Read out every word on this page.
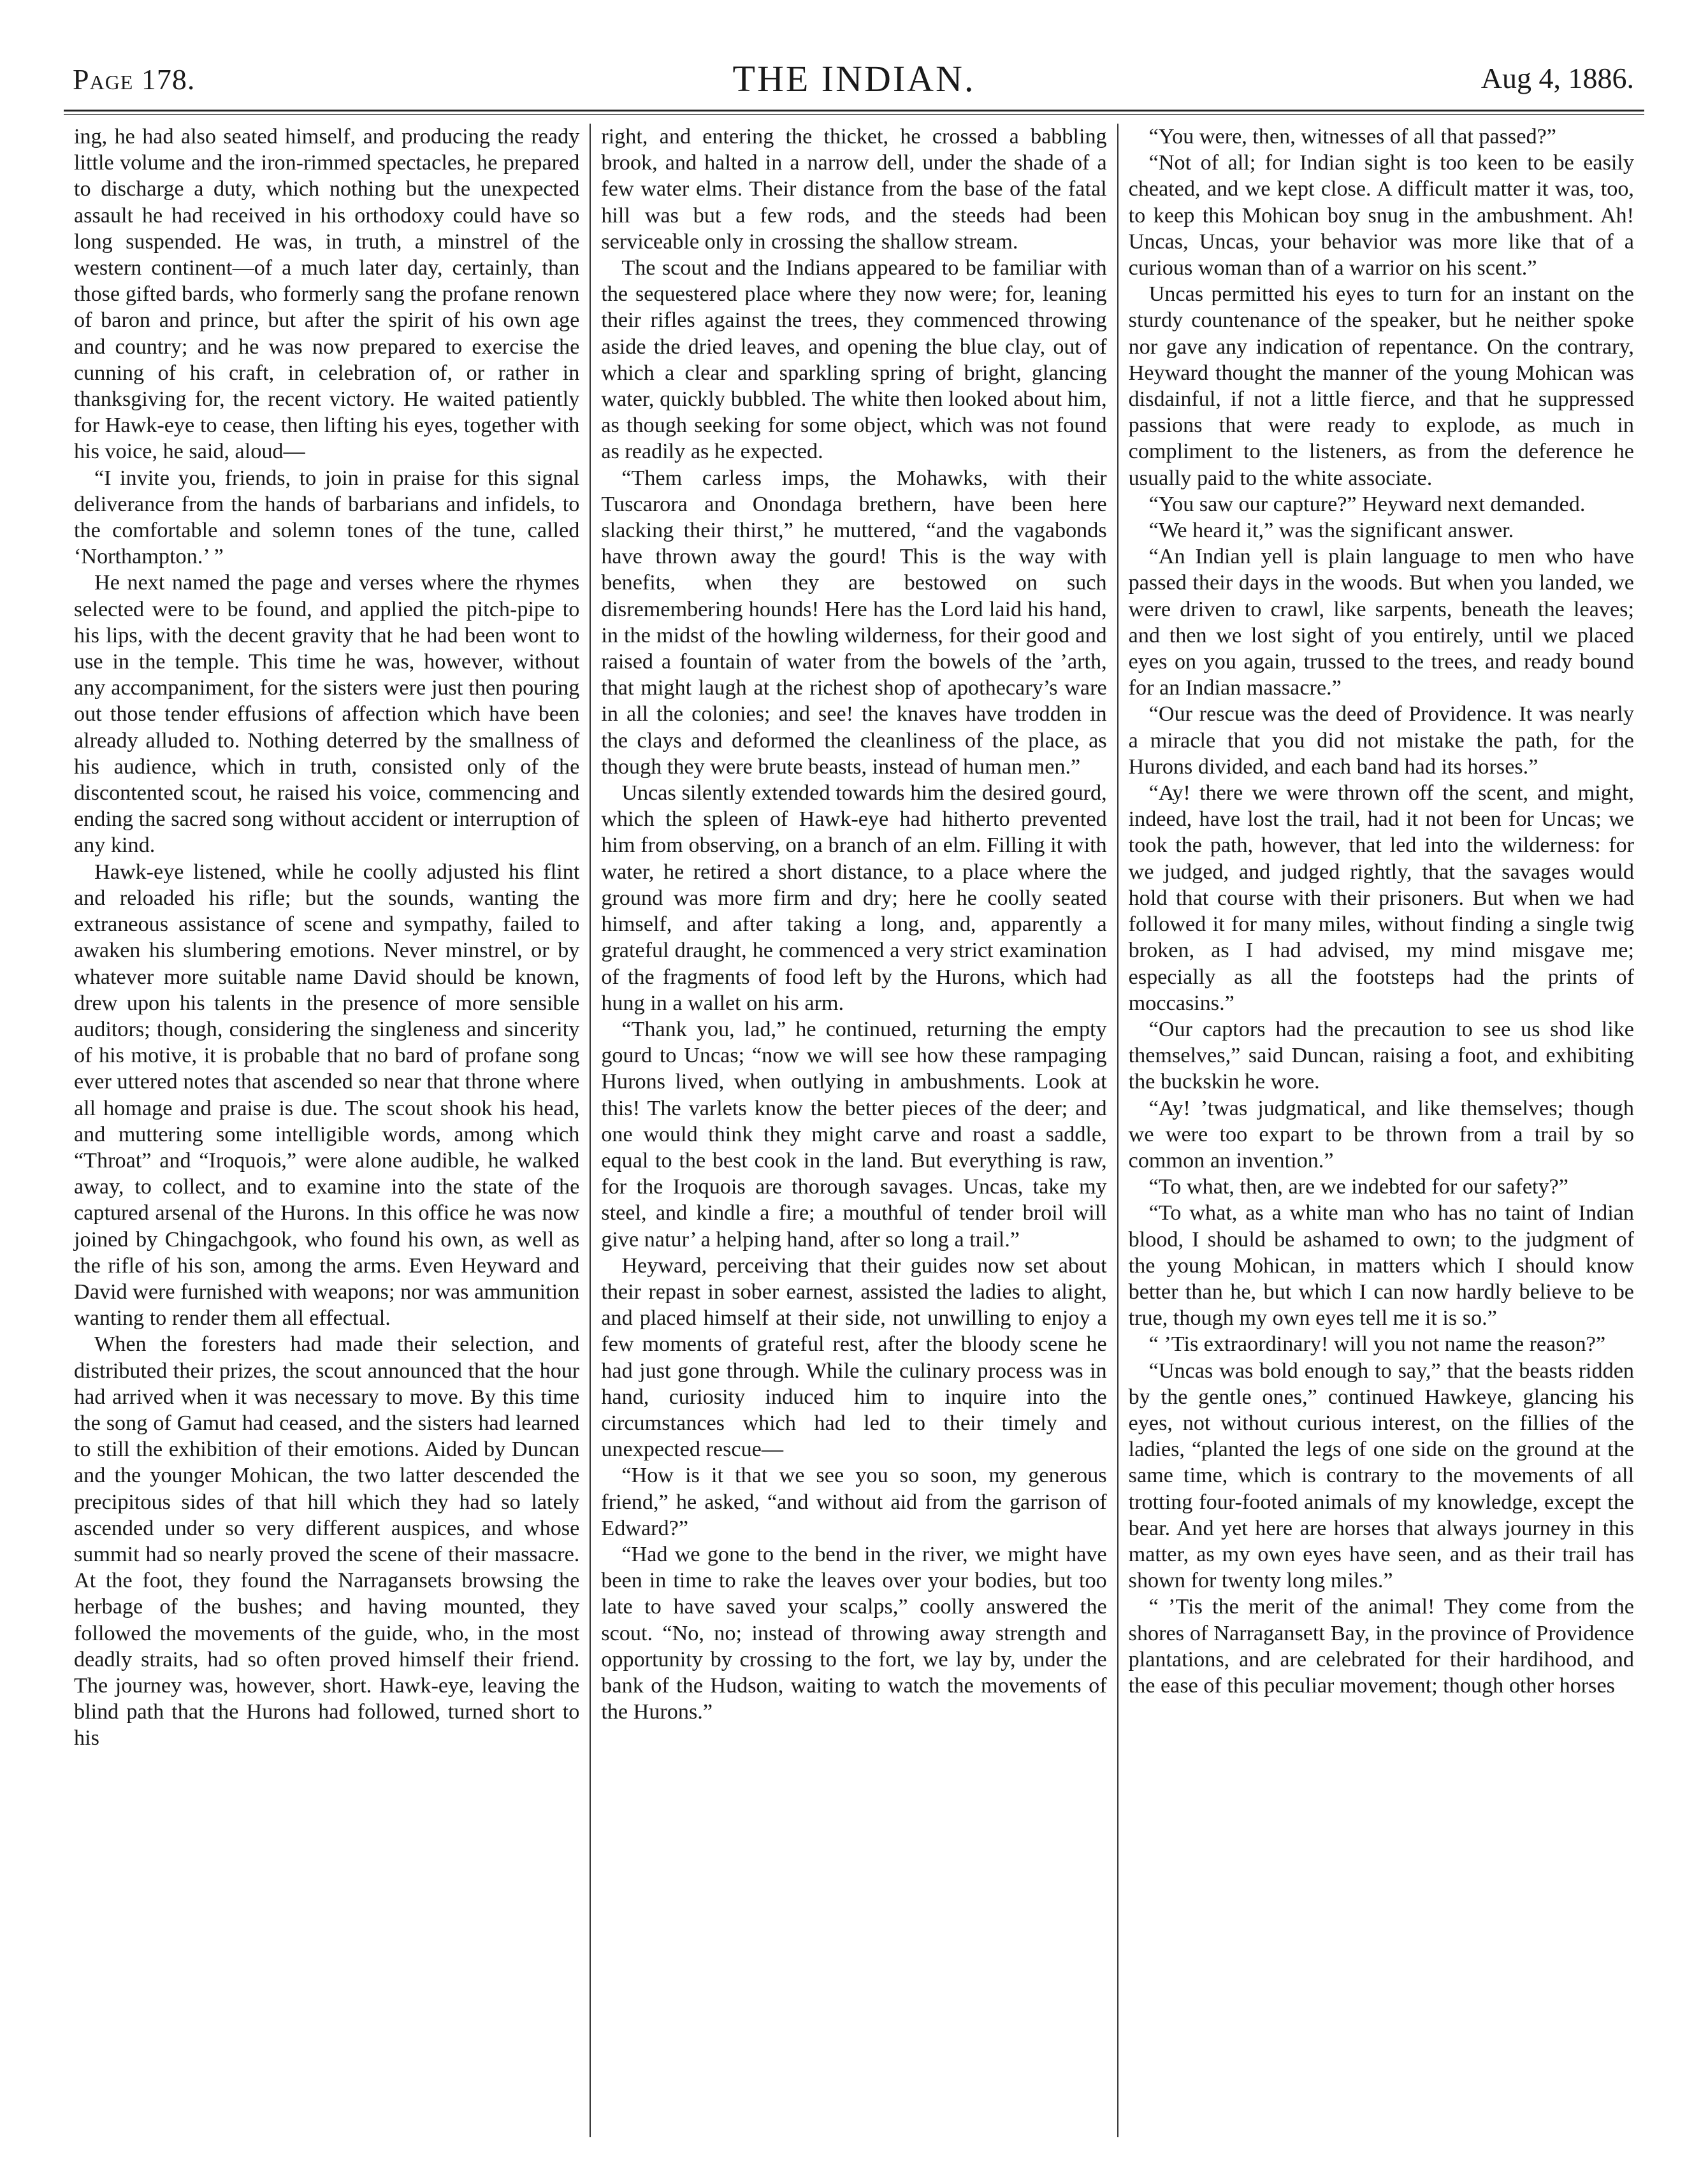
Page 178.	THE INDIAN.	Aug 4, 1886.

ing, he had also seated himself, and producing the ready little volume and the iron-rimmed spectacles, he prepared to discharge a duty, which nothing but the unexpected assault he had received in his orthodoxy could have so long suspended. He was, in truth, a minstrel of the western continent—of a much later day, certainly, than those gifted bards, who formerly sang the profane renown of baron and prince, but after the spirit of his own age and country; and he was now prepared to exercise the cunning of his craft, in celebration of, or rather in thanksgiving for, the recent victory. He waited patiently for Hawk-eye to cease, then lifting his eyes, together with his voice, he said, aloud—

“I invite you, friends, to join in praise for this signal deliverance from the hands of barbarians and infidels, to the comfortable and solemn tones of the tune, called ‘Northampton.’ ”

He next named the page and verses where the rhymes selected were to be found, and applied the pitch-pipe to his lips, with the decent gravity that he had been wont to use in the temple. This time he was, however, without any accompaniment, for the sisters were just then pouring out those tender effusions of affection which have been already alluded to. Nothing deterred by the smallness of his audience, which in truth, consisted only of the discontented scout, he raised his voice, commencing and ending the sacred song without accident or interruption of any kind.

Hawk-eye listened, while he coolly adjusted his flint and reloaded his rifle; but the sounds, wanting the extraneous assistance of scene and sympathy, failed to awaken his slumbering emotions. Never minstrel, or by whatever more suitable name David should be known, drew upon his talents in the presence of more sensible auditors; though, considering the singleness and sincerity of his motive, it is probable that no bard of profane song ever uttered notes that ascended so near that throne where all homage and praise is due. The scout shook his head, and muttering some intelligible words, among which “Throat” and “Iroquois,” were alone audible, he walked away, to collect, and to examine into the state of the captured arsenal of the Hurons. In this office he was now joined by Chingachgook, who found his own, as well as the rifle of his son, among the arms. Even Heyward and David were furnished with weapons; nor was ammunition wanting to render them all effectual.

When the foresters had made their selection, and distributed their prizes, the scout announced that the hour had arrived when it was necessary to move. By this time the song of Gamut had ceased, and the sisters had learned to still the exhibition of their emotions. Aided by Duncan and the younger Mohican, the two latter descended the precipitous sides of that hill which they had so lately ascended under so very different auspices, and whose summit had so nearly proved the scene of their massacre. At the foot, they found the Narragansets browsing the herbage of the bushes; and having mounted, they followed the movements of the guide, who, in the most deadly straits, had so often proved himself their friend. The journey was, however, short. Hawk-eye, leaving the blind path that the Hurons had followed, turned short to his

right, and entering the thicket, he crossed a babbling brook, and halted in a narrow dell, under the shade of a few water elms. Their distance from the base of the fatal hill was but a few rods, and the steeds had been serviceable only in crossing the shallow stream.

The scout and the Indians appeared to be familiar with the sequestered place where they now were; for, leaning their rifles against the trees, they commenced throwing aside the dried leaves, and opening the blue clay, out of which a clear and sparkling spring of bright, glancing water, quickly bubbled. The white then looked about him, as though seeking for some object, which was not found as readily as he expected.

“Them carless imps, the Mohawks, with their Tuscarora and Onondaga brethern, have been here slacking their thirst,” he muttered, “and the vagabonds have thrown away the gourd! This is the way with benefits, when they are bestowed on such disremembering hounds! Here has the Lord laid his hand, in the midst of the howling wilderness, for their good and raised a fountain of water from the bowels of the ’arth, that might laugh at the richest shop of apothecary’s ware in all the colonies; and see! the knaves have trodden in the clays and deformed the cleanliness of the place, as though they were brute beasts, instead of human men.”

Uncas silently extended towards him the desired gourd, which the spleen of Hawk-eye had hitherto prevented him from observing, on a branch of an elm. Filling it with water, he retired a short distance, to a place where the ground was more firm and dry; here he coolly seated himself, and after taking a long, and, apparently a grateful draught, he commenced a very strict examination of the fragments of food left by the Hurons, which had hung in a wallet on his arm.

“Thank you, lad,” he continued, returning the empty gourd to Uncas; “now we will see how these rampaging Hurons lived, when outlying in ambushments. Look at this! The varlets know the better pieces of the deer; and one would think they might carve and roast a saddle, equal to the best cook in the land. But everything is raw, for the Iroquois are thorough savages. Uncas, take my steel, and kindle a fire; a mouthful of tender broil will give natur’ a helping hand, after so long a trail.”

Heyward, perceiving that their guides now set about their repast in sober earnest, assisted the ladies to alight, and placed himself at their side, not unwilling to enjoy a few moments of grateful rest, after the bloody scene he had just gone through. While the culinary process was in hand, curiosity induced him to inquire into the circumstances which had led to their timely and unexpected rescue—

“How is it that we see you so soon, my generous friend,” he asked, “and without aid from the garrison of Edward?”

“Had we gone to the bend in the river, we might have been in time to rake the leaves over your bodies, but too late to have saved your scalps,” coolly answered the scout. “No, no; instead of throwing away strength and opportunity by crossing to the fort, we lay by, under the bank of the Hudson, waiting to watch the movements of the Hurons.”

“You were, then, witnesses of all that passed?”

“Not of all; for Indian sight is too keen to be easily cheated, and we kept close. A difficult matter it was, too, to keep this Mohican boy snug in the ambushment. Ah! Uncas, Uncas, your behavior was more like that of a curious woman than of a warrior on his scent.”

Uncas permitted his eyes to turn for an instant on the sturdy countenance of the speaker, but he neither spoke nor gave any indication of repentance. On the contrary, Heyward thought the manner of the young Mohican was disdainful, if not a little fierce, and that he suppressed passions that were ready to explode, as much in compliment to the listeners, as from the deference he usually paid to the white associate.

“You saw our capture?” Heyward next demanded.

“We heard it,” was the significant answer.

“An Indian yell is plain language to men who have passed their days in the woods. But when you landed, we were driven to crawl, like sarpents, beneath the leaves; and then we lost sight of you entirely, until we placed eyes on you again, trussed to the trees, and ready bound for an Indian massacre.”

“Our rescue was the deed of Providence. It was nearly a miracle that you did not mistake the path, for the Hurons divided, and each band had its horses.”

“Ay! there we were thrown off the scent, and might, indeed, have lost the trail, had it not been for Uncas; we took the path, however, that led into the wilderness: for we judged, and judged rightly, that the savages would hold that course with their prisoners. But when we had followed it for many miles, without finding a single twig broken, as I had advised, my mind misgave me; especially as all the footsteps had the prints of moccasins.”

“Our captors had the precaution to see us shod like themselves,” said Duncan, raising a foot, and exhibiting the buckskin he wore.

“Ay! ’twas judgmatical, and like themselves; though we were too expart to be thrown from a trail by so common an invention.”

“To what, then, are we indebted for our safety?”

“To what, as a white man who has no taint of Indian blood, I should be ashamed to own; to the judgment of the young Mohican, in matters which I should know better than he, but which I can now hardly believe to be true, though my own eyes tell me it is so.”

“ ’Tis extraordinary! will you not name the reason?”

“Uncas was bold enough to say,” that the beasts ridden by the gentle ones,” continued Hawkeye, glancing his eyes, not without curious interest, on the fillies of the ladies, “planted the legs of one side on the ground at the same time, which is contrary to the movements of all trotting four-footed animals of my knowledge, except the bear. And yet here are horses that always journey in this matter, as my own eyes have seen, and as their trail has shown for twenty long miles.”

“ ’Tis the merit of the animal! They come from the shores of Narragansett Bay, in the province of Providence plantations, and are celebrated for their hardihood, and the ease of this peculiar movement; though other horses
